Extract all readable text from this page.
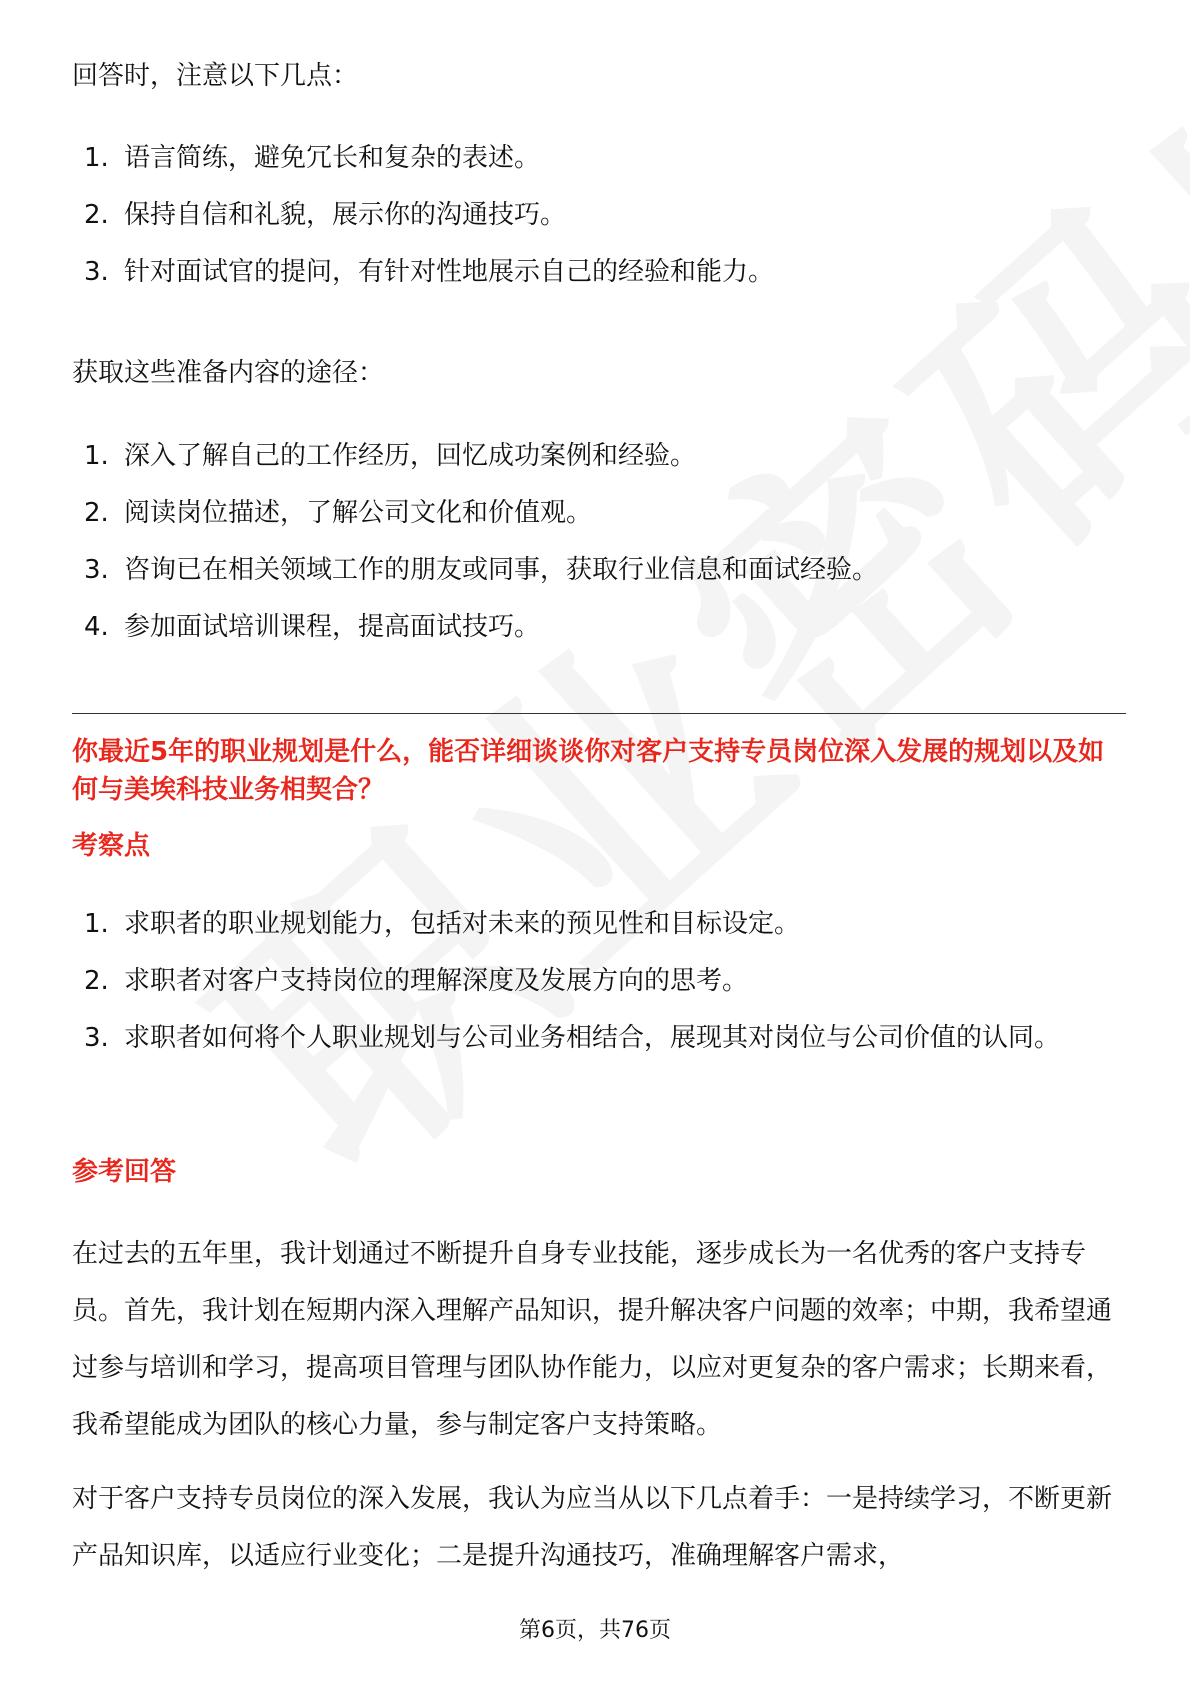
回答时，注意以下几点：

1. 语言简练，避免冗长和复杂的表述。
2. 保持自信和礼貌，展示你的沟通技巧。
3. 针对面试官的提问，有针对性地展示自己的经验和能力。

获取这些准备内容的途径：

1. 深入了解自己的工作经历，回忆成功案例和经验。
2. 阅读岗位描述，了解公司文化和价值观。
3. 咨询已在相关领域工作的朋友或同事，获取行业信息和面试经验。
4. 参加面试培训课程，提高面试技巧。

你最近5年的职业规划是什么，能否详细谈谈你对客户支持专员岗位深入发展的规划以及如何与美埃科技业务相契合？

考察点

1. 求职者的职业规划能力，包括对未来的预见性和目标设定。
2. 求职者对客户支持岗位的理解深度及发展方向的思考。
3. 求职者如何将个人职业规划与公司业务相结合，展现其对岗位与公司价值的认同。

参考回答

在过去的五年里，我计划通过不断提升自身专业技能，逐步成长为一名优秀的客户支持专员。首先，我计划在短期内深入理解产品知识，提升解决客户问题的效率；中期，我希望通过参与培训和学习，提高项目管理与团队协作能力，以应对更复杂的客户需求；长期来看，我希望能成为团队的核心力量，参与制定客户支持策略。

对于客户支持专员岗位的深入发展，我认为应当从以下几点着手：一是持续学习，不断更新产品知识库，以适应行业变化；二是提升沟通技巧，准确理解客户需求，

第6页，共76页
